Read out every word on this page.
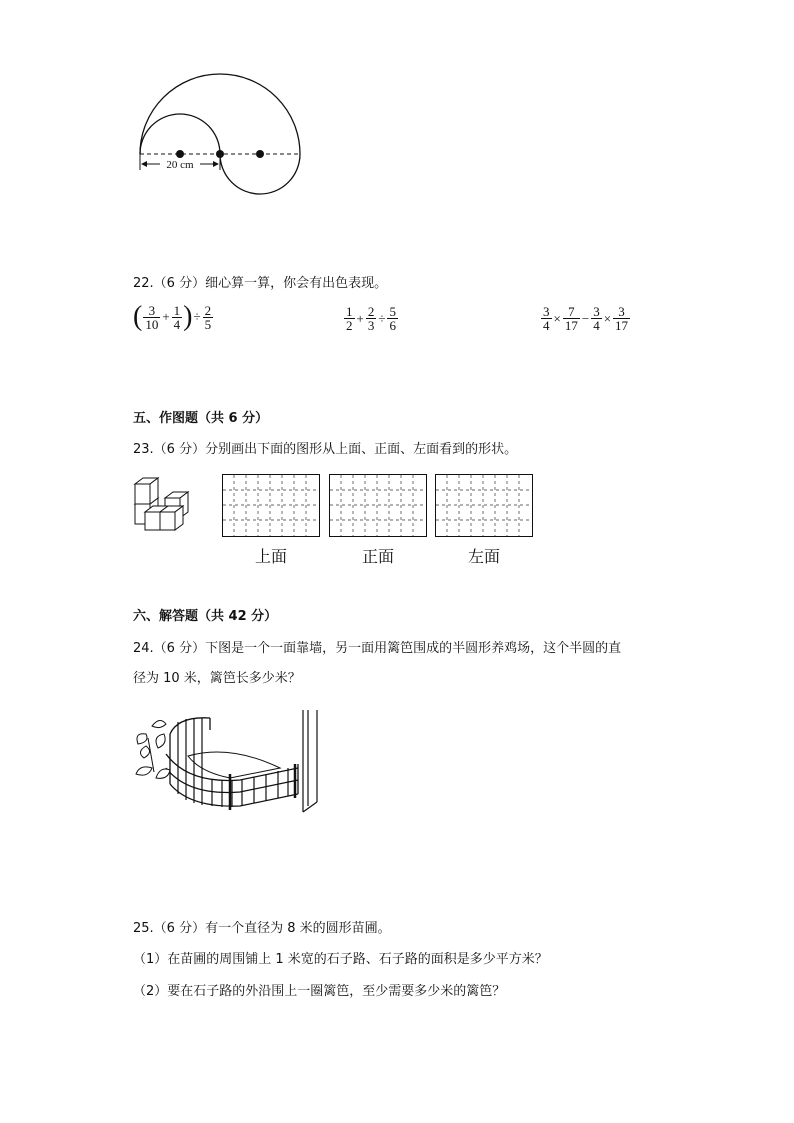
20 cm
22.（6 分）细心算一算，你会有出色表现。
( $\frac{3}{10} + \frac{1}{4}$ )÷ $\frac{2}{5}$	$\frac{1}{2} + \frac{2}{3} \div \frac{5}{6}$	$\frac{3}{4} \times \frac{7}{17} - \frac{3}{4} \times \frac{3}{17}$
五、作图题（共 6 分）
23.（6 分）分别画出下面的图形从上面、正面、左面看到的形状。
上面	正面	左面
六、解答题（共 42 分）
24.（6 分）下图是一个一面靠墙，另一面用篱笆围成的半圆形养鸡场，这个半圆的直
径为 10 米，篱笆长多少米？
25.（6 分）有一个直径为 8 米的圆形苗圃。
（1）在苗圃的周围铺上 1 米宽的石子路、石子路的面积是多少平方米？
（2）要在石子路的外沿围上一圈篱笆，至少需要多少米的篱笆？
